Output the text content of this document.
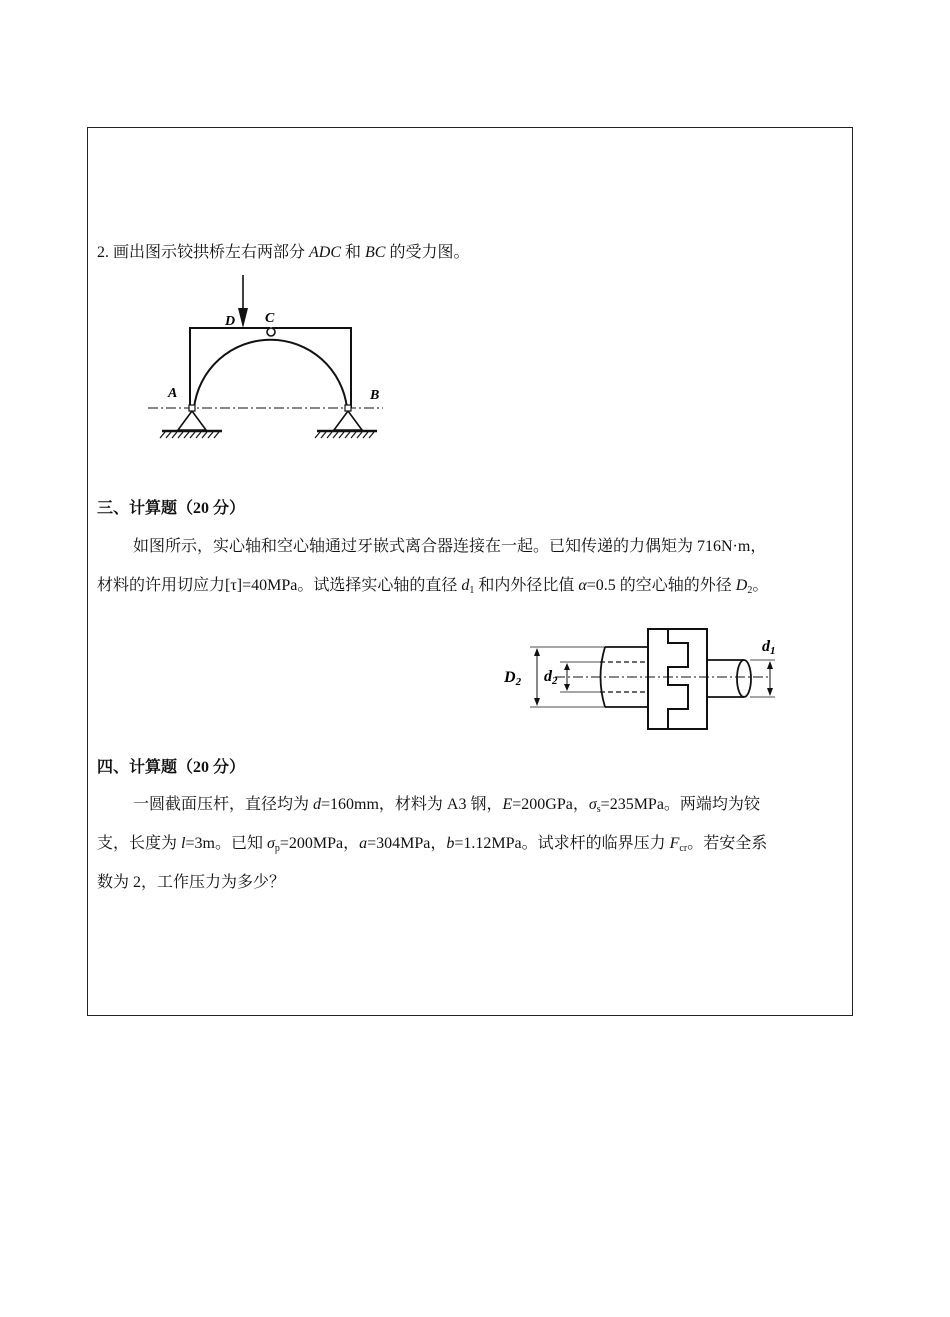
2. 画出图示铰拱桥左右两部分 ADC 和 BC 的受力图。
A	B
C
D
三、计算题（20 分）
如图所示，实心轴和空心轴通过牙嵌式离合器连接在一起。已知传递的力偶矩为 716N·m，
材料的许用切应力[τ]=40MPa。试选择实心轴的直径 $d_1$ 和内外径比值 α=0.5 的空心轴的外径 $D_2$。
D2 d2
d1
四、计算题（20 分）
一圆截面压杆，直径均为 d=160mm，材料为 A3 钢，E=200GPa，$\sigma_s=235MPa$。两端均为铰
支，长度为 l=3m。已知 $\sigma_p=200MPa$，a=304MPa，b=1.12MPa。试求杆的临界压力 $F_{cr}$。若安全系
数为 2，工作压力为多少？
